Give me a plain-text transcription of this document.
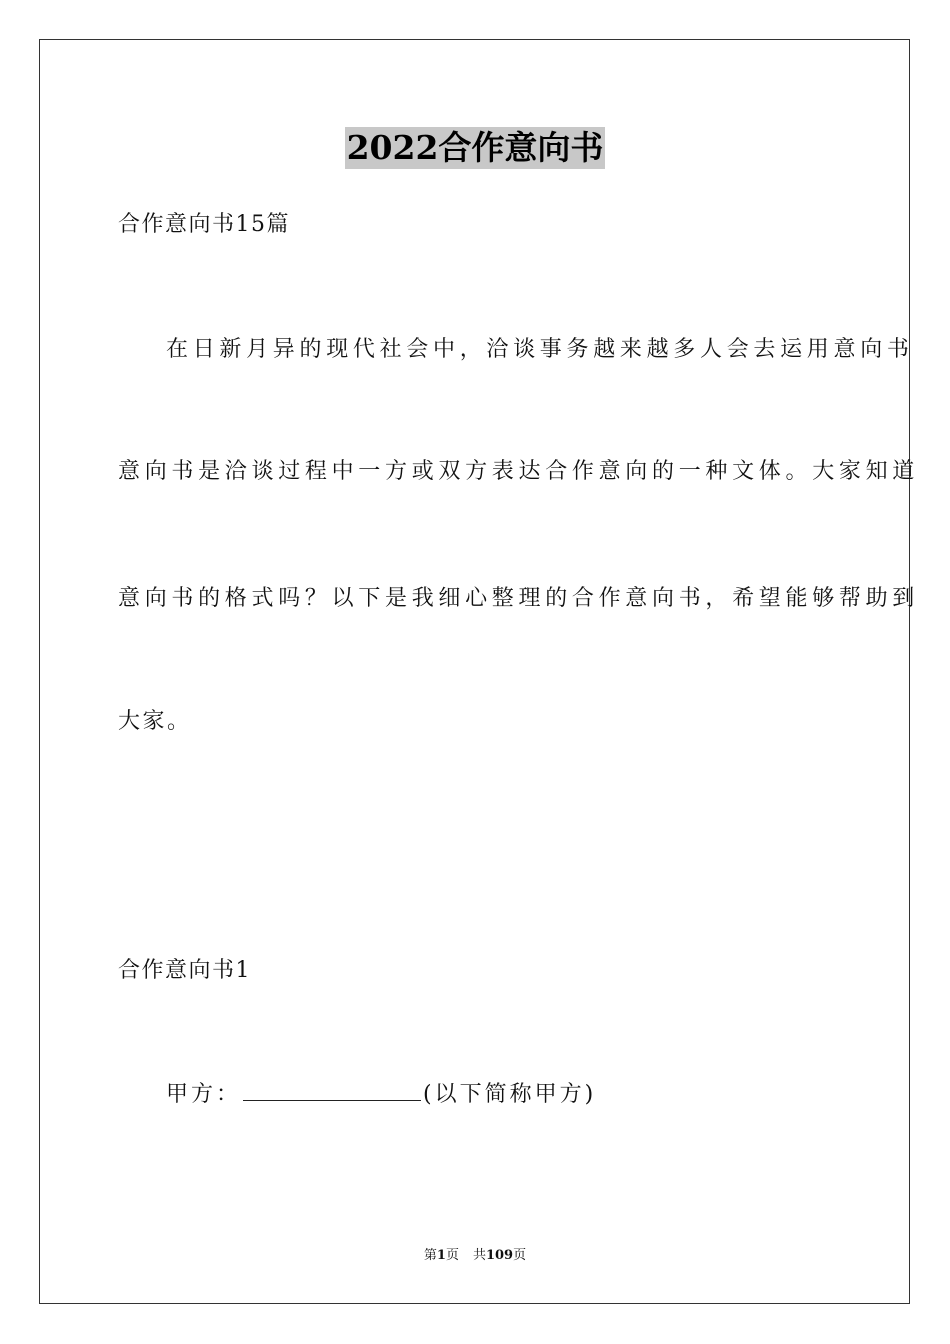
2022合作意向书
合作意向书15篇
在日新月异的现代社会中，洽谈事务越来越多人会去运用意向书
意向书是洽谈过程中一方或双方表达合作意向的一种文体。大家知道
意向书的格式吗？以下是我细心整理的合作意向书，希望能够帮助到
大家。
合作意向书1
甲方：	(以下简称甲方)
第1页 共109页
